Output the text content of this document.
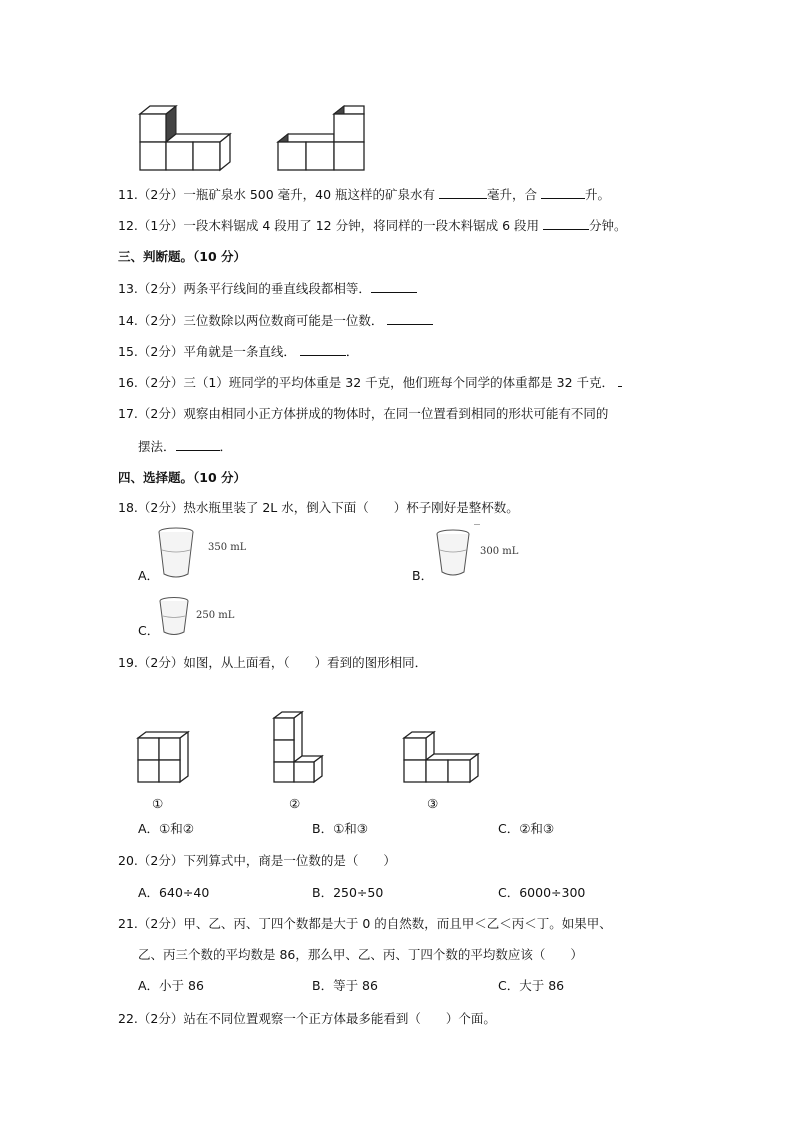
11.（2分）一瓶矿泉水 500 毫升，40 瓶这样的矿泉水有	毫升，合	升。
12.（1分）一段木料锯成 4 段用了 12 分钟，将同样的一段木料锯成 6 段用	分钟。
三、判断题。（10 分）
13.（2分）两条平行线间的垂直线段都相等．
14.（2分）三位数除以两位数商可能是一位数．
15.（2分）平角就是一条直线．	．
16.（2分）三（1）班同学的平均体重是 32 千克，他们班每个同学的体重都是 32 千克．
17.（2分）观察由相同小正方体拼成的物体时，在同一位置看到相同的形状可能有不同的
摆法．	．
四、选择题。（10 分）
18.（2分）热水瓶里装了 2L 水，倒入下面（　　）杯子刚好是整杯数。
A．
350 mL
B．
300 mL
C．
250 mL
19.（2分）如图，从上面看，（　　）看到的图形相同．
①	②	③
A．①和②	B．①和③	C．②和③
20.（2分）下列算式中，商是一位数的是（　　）
A．640÷40	B．250÷50	C．6000÷300
21.（2分）甲、乙、丙、丁四个数都是大于 0 的自然数，而且甲＜乙＜丙＜丁。如果甲、
乙、丙三个数的平均数是 86，那么甲、乙、丙、丁四个数的平均数应该（　　）
A．小于 86	B．等于 86	C．大于 86
22.（2分）站在不同位置观察一个正方体最多能看到（　　）个面。
